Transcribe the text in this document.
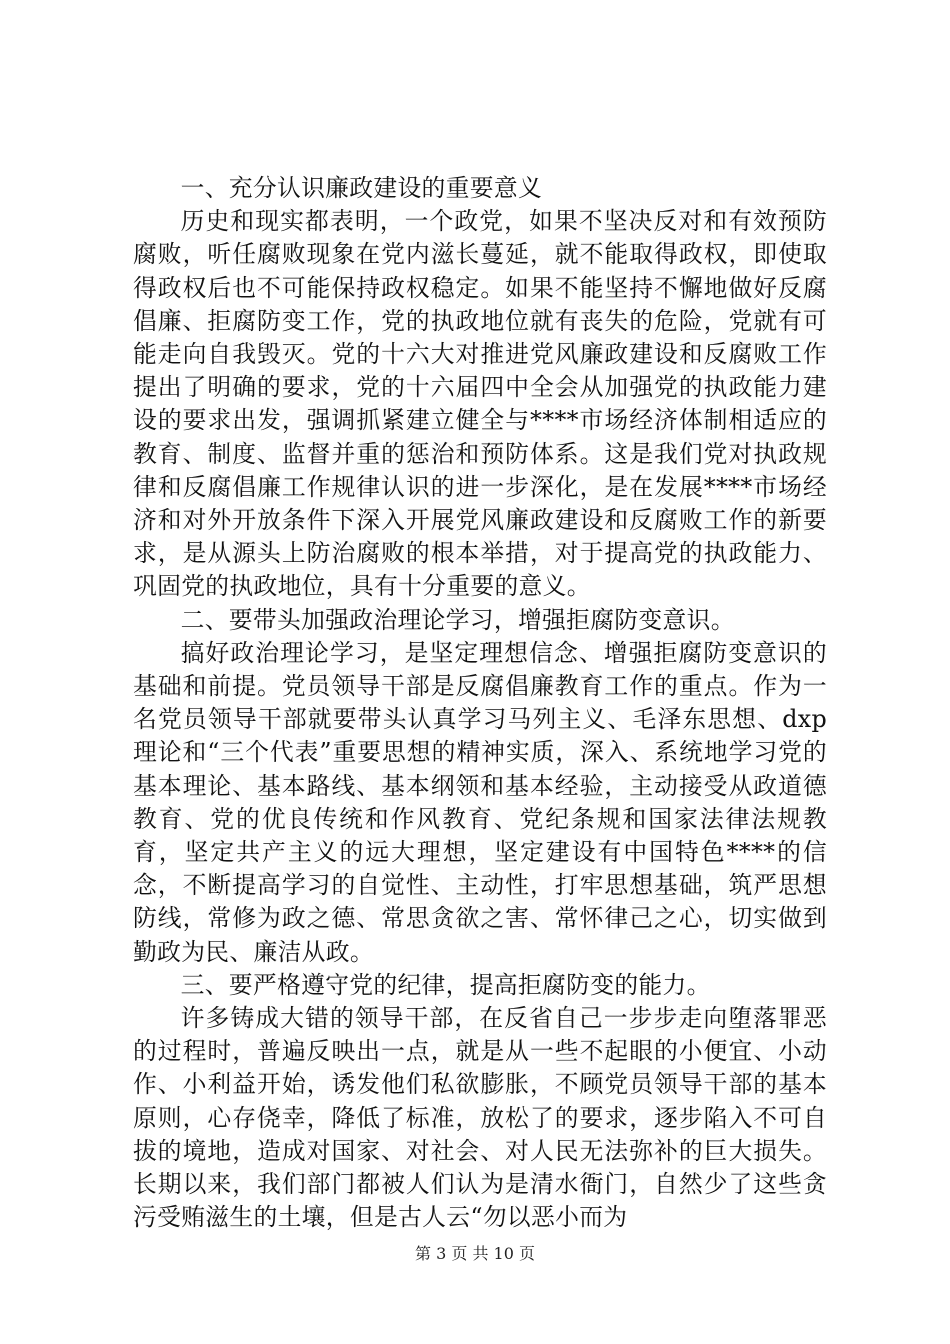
一、充分认识廉政建设的重要意义

历史和现实都表明，一个政党，如果不坚决反对和有效预防腐败，听任腐败现象在党内滋长蔓延，就不能取得政权，即使取得政权后也不可能保持政权稳定。如果不能坚持不懈地做好反腐倡廉、拒腐防变工作，党的执政地位就有丧失的危险，党就有可能走向自我毁灭。党的十六大对推进党风廉政建设和反腐败工作提出了明确的要求，党的十六届四中全会从加强党的执政能力建设的要求出发，强调抓紧建立健全与****市场经济体制相适应的教育、制度、监督并重的惩治和预防体系。这是我们党对执政规律和反腐倡廉工作规律认识的进一步深化，是在发展****市场经济和对外开放条件下深入开展党风廉政建设和反腐败工作的新要求，是从源头上防治腐败的根本举措，对于提高党的执政能力、巩固党的执政地位，具有十分重要的意义。

二、要带头加强政治理论学习，增强拒腐防变意识。

搞好政治理论学习，是坚定理想信念、增强拒腐防变意识的基础和前提。党员领导干部是反腐倡廉教育工作的重点。作为一名党员领导干部就要带头认真学习马列主义、毛泽东思想、dxp理论和“三个代表”重要思想的精神实质，深入、系统地学习党的基本理论、基本路线、基本纲领和基本经验，主动接受从政道德教育、党的优良传统和作风教育、党纪条规和国家法律法规教育，坚定共产主义的远大理想，坚定建设有中国特色****的信念，不断提高学习的自觉性、主动性，打牢思想基础，筑严思想防线，常修为政之德、常思贪欲之害、常怀律己之心，切实做到勤政为民、廉洁从政。

三、要严格遵守党的纪律，提高拒腐防变的能力。

许多铸成大错的领导干部，在反省自己一步步走向堕落罪恶的过程时，普遍反映出一点，就是从一些不起眼的小便宜、小动作、小利益开始，诱发他们私欲膨胀，不顾党员领导干部的基本原则，心存侥幸，降低了标准，放松了的要求，逐步陷入不可自拔的境地，造成对国家、对社会、对人民无法弥补的巨大损失。长期以来，我们部门都被人们认为是清水衙门，自然少了这些贪污受贿滋生的土壤，但是古人云“勿以恶小而为

第 3 页 共 10 页
